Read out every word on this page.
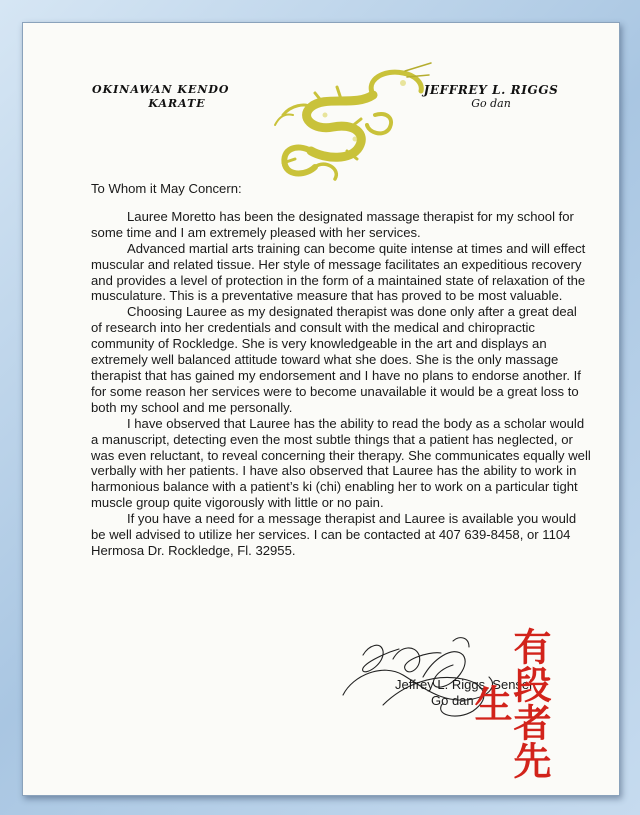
OKINAWAN KENDO
KARATE
JEFFREY L. RIGGS
Go dan

To Whom it May Concern:

Lauree Moretto has been the designated massage therapist for my school for some time and I am extremely pleased with her services.

Advanced martial arts training can become quite intense at times and will effect muscular and related tissue. Her style of message facilitates an expeditious recovery and provides a level of protection in the form of a maintained state of relaxation of the musculature. This is a preventative measure that has proved to be most valuable.

Choosing Lauree as my designated therapist was done only after a great deal of research into her credentials and consult with the medical and chiropractic community of Rockledge. She is very knowledgeable in the art and displays an extremely well balanced attitude toward what she does. She is the only massage therapist that has gained my endorsement and I have no plans to endorse another. If for some reason her services were to become unavailable it would be a great loss to both my school and me personally.

I have observed that Lauree has the ability to read the body as a scholar would a manuscript, detecting even the most subtle things that a patient has neglected, or was even reluctant, to reveal concerning their therapy. She communicates equally well verbally with her patients. I have also observed that Lauree has the ability to work in harmonious balance with a patient’s ki (chi) enabling her to work on a particular tight muscle group quite vigorously with little or no pain.

If you have a need for a message therapist and Lauree is available you would be well advised to utilize her services. I can be contacted at 407 639-8458, or 1104 Hermosa Dr. Rockledge, Fl. 32955.

Jeffrey L. Riggs, Sensei
Go dan 有段者先生
